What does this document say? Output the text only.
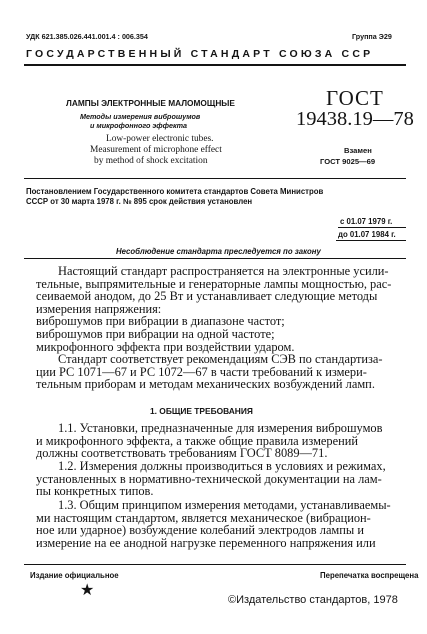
УДК 621.385.026.441.001.4 : 006.354	Группа Э29
ГОСУДАРСТВЕННЫЙ СТАНДАРТ СОЮЗА ССР
ЛАМПЫ ЭЛЕКТРОННЫЕ МАЛОМОЩНЫЕ
Методы измерения виброшумов
и микрофонного эффекта
Low-power electronic tubes.
Measurement of microphone effect
by method of shock excitation
ГОСТ
19438.19—78
Взамен
ГОСТ 9025—69
Постановлением Государственного комитета стандартов Совета Министров
СССР от 30 марта 1978 г. № 895 срок действия установлен
с 01.07 1979 г.
до 01.07 1984 г.
Несоблюдение стандарта преследуется по закону
Настоящий стандарт распространяется на электронные усили-
тельные, выпрямительные и генераторные лампы мощностью, рас-
сеиваемой анодом, до 25 Вт и устанавливает следующие методы
измерения напряжения:
виброшумов при вибрации в диапазоне частот;
виброшумов при вибрации на одной частоте;
микрофонного эффекта при воздействии ударом.
Стандарт соответствует рекомендациям СЭВ по стандартиза-
ции РС 1071—67 и РС 1072—67 в части требований к измери-
тельным приборам и методам механических возбуждений ламп.
1. ОБЩИЕ ТРЕБОВАНИЯ
1.1. Установки, предназначенные для измерения виброшумов
и микрофонного эффекта, а также общие правила измерений
должны соответствовать требованиям ГОСТ 8089—71.
1.2. Измерения должны производиться в условиях и режимах,
установленных в нормативно-технической документации на лам-
пы конкретных типов.
1.3. Общим принципом измерения методами, устанавливаемы-
ми настоящим стандартом, является механическое (вибрацион-
ное или ударное) возбуждение колебаний электродов лампы и
измерение на ее анодной нагрузке переменного напряжения или
Издание официальное
★
Перепечатка воспрещена
©Издательство стандартов, 1978
